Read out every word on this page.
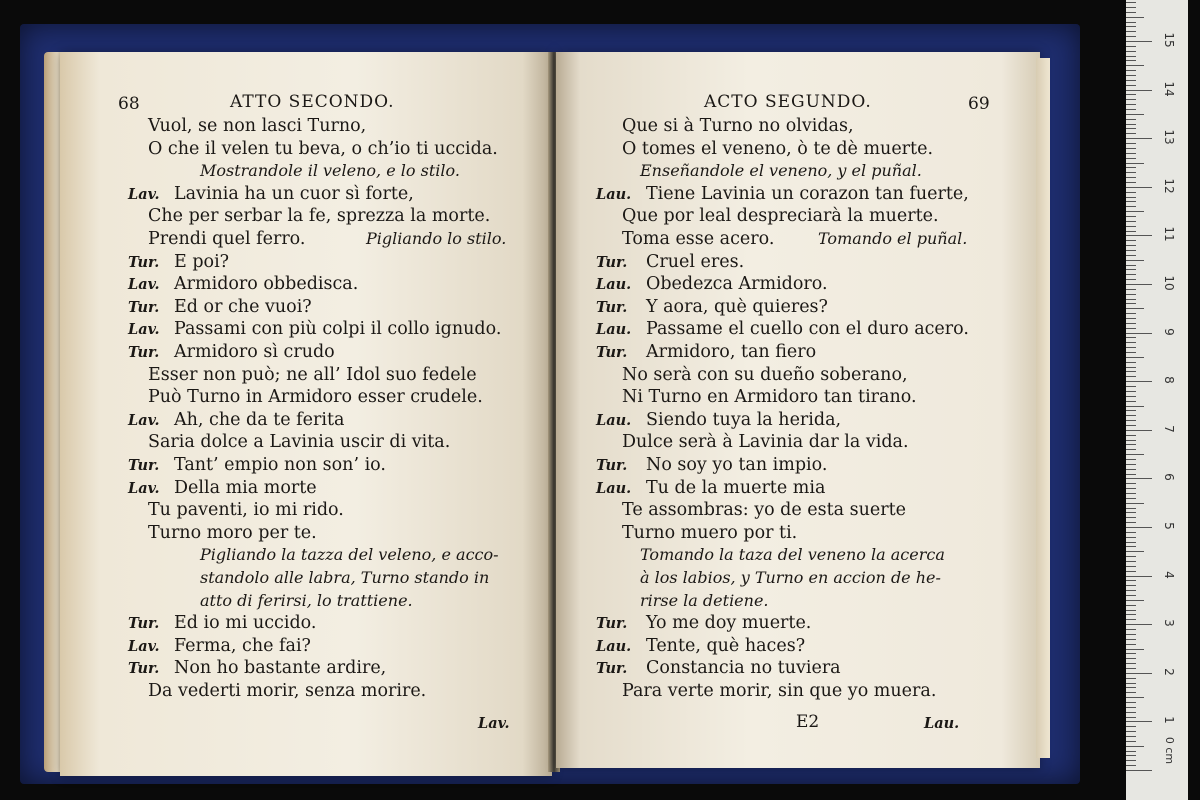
68	ATTO SECONDO.
Vuol, se non lasci Turno,
O che il velen tu beva, o ch’io ti uccida.
Mostrandole il veleno, e lo stilo.
Lav. Lavinia ha un cuor sì forte,
Che per serbar la fe, sprezza la morte.
Prendi quel ferro.	Pigliando lo stilo.
Tur. E poi?
Lav. Armidoro obbedisca.
Tur. Ed or che vuoi?
Lav. Passami con più colpi il collo ignudo.
Tur. Armidoro sì crudo
Esser non può; ne all’ Idol suo fedele
Può Turno in Armidoro esser crudele.
Lav. Ah, che da te ferita
Saria dolce a Lavinia uscir di vita.
Tur. Tant’ empio non son’ io.
Lav. Della mia morte
Tu paventi, io mi rido.
Turno moro per te.
Pigliando la tazza del veleno, e acco-
standolo alle labra, Turno stando in
atto di ferirsi, lo trattiene.
Tur. Ed io mi uccido.
Lav. Ferma, che fai?
Tur. Non ho bastante ardire,
Da vederti morir, senza morire.
Lav.
69
ACTO SEGUNDO.
Que si à Turno no olvidas,
O tomes el veneno, ò te dè muerte.
Enseñandole el veneno, y el puñal.
Lau. Tiene Lavinia un corazon tan fuerte,
Que por leal despreciarà la muerte.
Toma esse acero.	Tomando el puñal.
Tur. Cruel eres.
Lau. Obedezca Armidoro.
Tur. Y aora, què quieres?
Lau. Passame el cuello con el duro acero.
Tur. Armidoro, tan fiero
No serà con su dueño soberano,
Ni Turno en Armidoro tan tirano.
Lau. Siendo tuya la herida,
Dulce serà à Lavinia dar la vida.
Tur. No soy yo tan impio.
Lau. Tu de la muerte mia
Te assombras: yo de esta suerte
Turno muero por ti.
Tomando la taza del veneno la acerca
à los labios, y Turno en accion de he-
rirse la detiene.
Tur. Yo me doy muerte.
Lau. Tente, què haces?
Tur. Constancia no tuviera
Para verte morir, sin que yo muera.
E2	Lau.
0 cm
1
2
3
4
5
6
7
8
9
10
11
12
13
14
15
